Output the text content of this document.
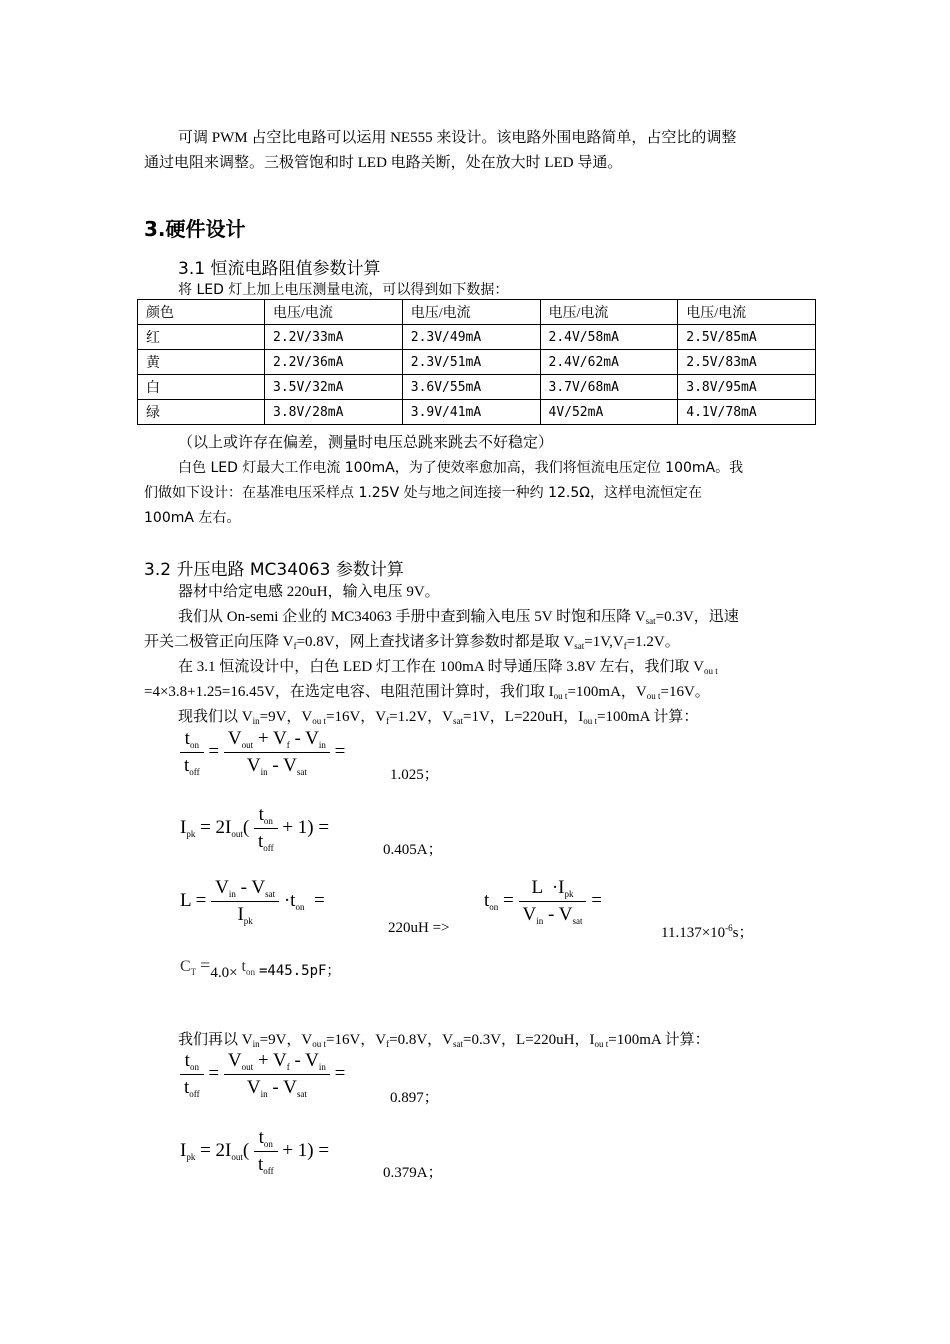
可调 PWM 占空比电路可以运用 NE555 来设计。该电路外围电路简单，占空比的调整
通过电阻来调整。三极管饱和时 LED 电路关断，处在放大时 LED 导通。
3.硬件设计
3.1 恒流电路阻值参数计算
将 LED 灯上加上电压测量电流，可以得到如下数据：
颜色		电压/电流	电压/电流	电压/电流	电压/电流
红		2.2V/33mA	2.3V/49mA	2.4V/58mA	2.5V/85mA
黄		2.2V/36mA	2.3V/51mA	2.4V/62mA	2.5V/83mA
白		3.5V/32mA	3.6V/55mA	3.7V/68mA	3.8V/95mA
绿		3.8V/28mA	3.9V/41mA	4V/52mA	4.1V/78mA
（以上或许存在偏差，测量时电压总跳来跳去不好稳定）
白色 LED 灯最大工作电流 100mA，为了使效率愈加高，我们将恒流电压定位 100mA。我
们做如下设计：在基准电压采样点 1.25V 处与地之间连接一种约 12.5Ω，这样电流恒定在
100mA 左右。
3.2 升压电路 MC34063 参数计算
器材中给定电感 220uH，输入电压 9V。
我们从 On-semi 企业的 MC34063 手册中查到输入电压 5V 时饱和压降 $V_{sat}=0.3V$，迅速
开关二极管正向压降 $V_f=0.8V$，网上查找诸多计算参数时都是取 $V_{sat}=1V,V_f=1.2V$。
在 3.1 恒流设计中，白色 LED 灯工作在 100mA 时导通压降 3.8V 左右，我们取 $V_{ou t}$
=4×3.8+1.25=16.45V，在选定电容、电阻范围计算时，我们取 $I_{ou t}=100mA$，$V_{ou t}=16V$。
现我们以 $V_{in}=9V$，$V_{ou t}=16V$，$V_f=1.2V$，$V_{sat}=1V$，L=220uH，$I_{ou t}=100mA$ 计算：
$\frac{t_{on}}{t_{off}} = \frac{V_{out} + V_f - V_{in}}{V_{in} - V_{sat}}$ =
1.025；
$I_{pk} = 2I_{out}( \frac{t_{on}}{t_{off}} + 1)$ =
0.405A；
$L = \frac{V_{in} - V_{sat}}{I_{pk}} \cdot t_{on}$  =
220uH =>
$t_{on} = \frac{L \cdot I_{pk}}{V_{in} - V_{sat}}$ =
$11.137\times 10^{-6}s$；
$C_T =4.0\times t_{on} =445.5pF$；
我们再以 $V_{in}=9V$，$V_{ou t}=16V$，$V_f=0.8V$，$V_{sat}=0.3V$，L=220uH，$I_{ou t}=100mA$ 计算：
$\frac{t_{on}}{t_{off}} = \frac{V_{out} + V_f - V_{in}}{V_{in} - V_{sat}}$ =
0.897；
$I_{pk} = 2I_{out}( \frac{t_{on}}{t_{off}} + 1)$ =
0.379A；
